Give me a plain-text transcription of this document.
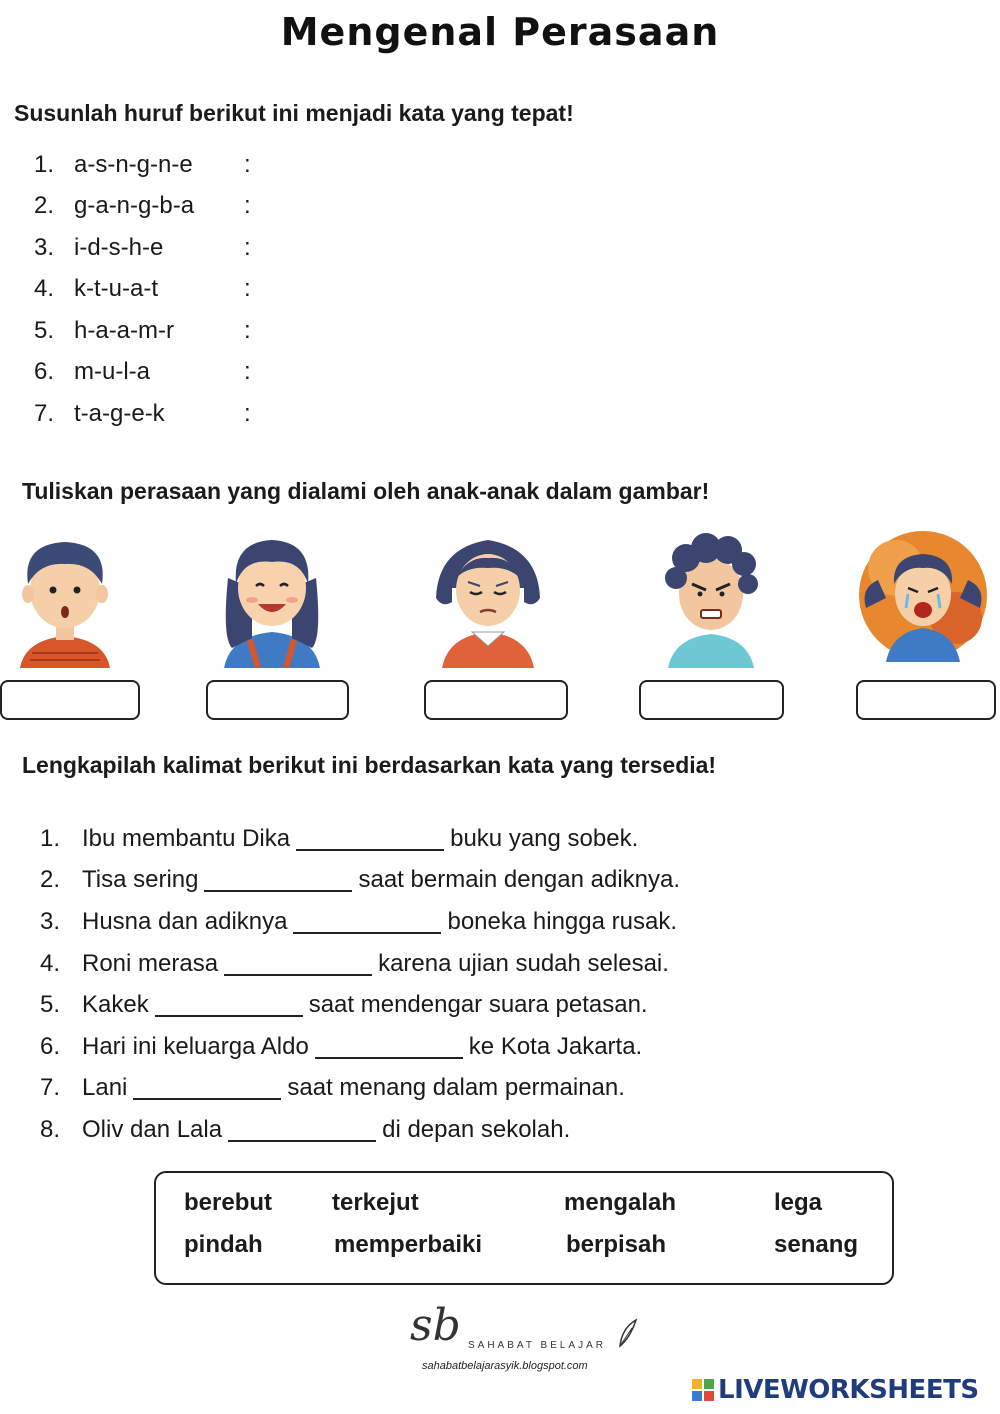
Mengenal Perasaan
Susunlah huruf berikut ini menjadi kata yang tepat!
1. a-s-n-g-n-e	:
2. g-a-n-g-b-a	:
3. i-d-s-h-e	:
4. k-t-u-a-t	:
5. h-a-a-m-r	:
6. m-u-l-a	:
7. t-a-g-e-k	:
Tuliskan perasaan yang dialami oleh anak-anak dalam gambar!
Lengkapilah kalimat berikut ini berdasarkan kata yang tersedia!
1. Ibu membantu Dika	buku yang sobek.
2. Tisa sering	saat bermain dengan adiknya.
3. Husna dan adiknya	boneka hingga rusak.
4. Roni merasa	karena ujian sudah selesai.
5. Kakek	saat mendengar suara petasan.
6. Hari ini keluarga Aldo	ke Kota Jakarta.
7. Lani	saat menang dalam permainan.
8. Oliv dan Lala	di depan sekolah.
berebut terkejut	mengalah	lega
pindah	memperbaiki	berpisah	senang
sb SAHABAT BELAJAR
sahabatbelajarasyik.blogspot.com
LIVEWORKSHEETS
